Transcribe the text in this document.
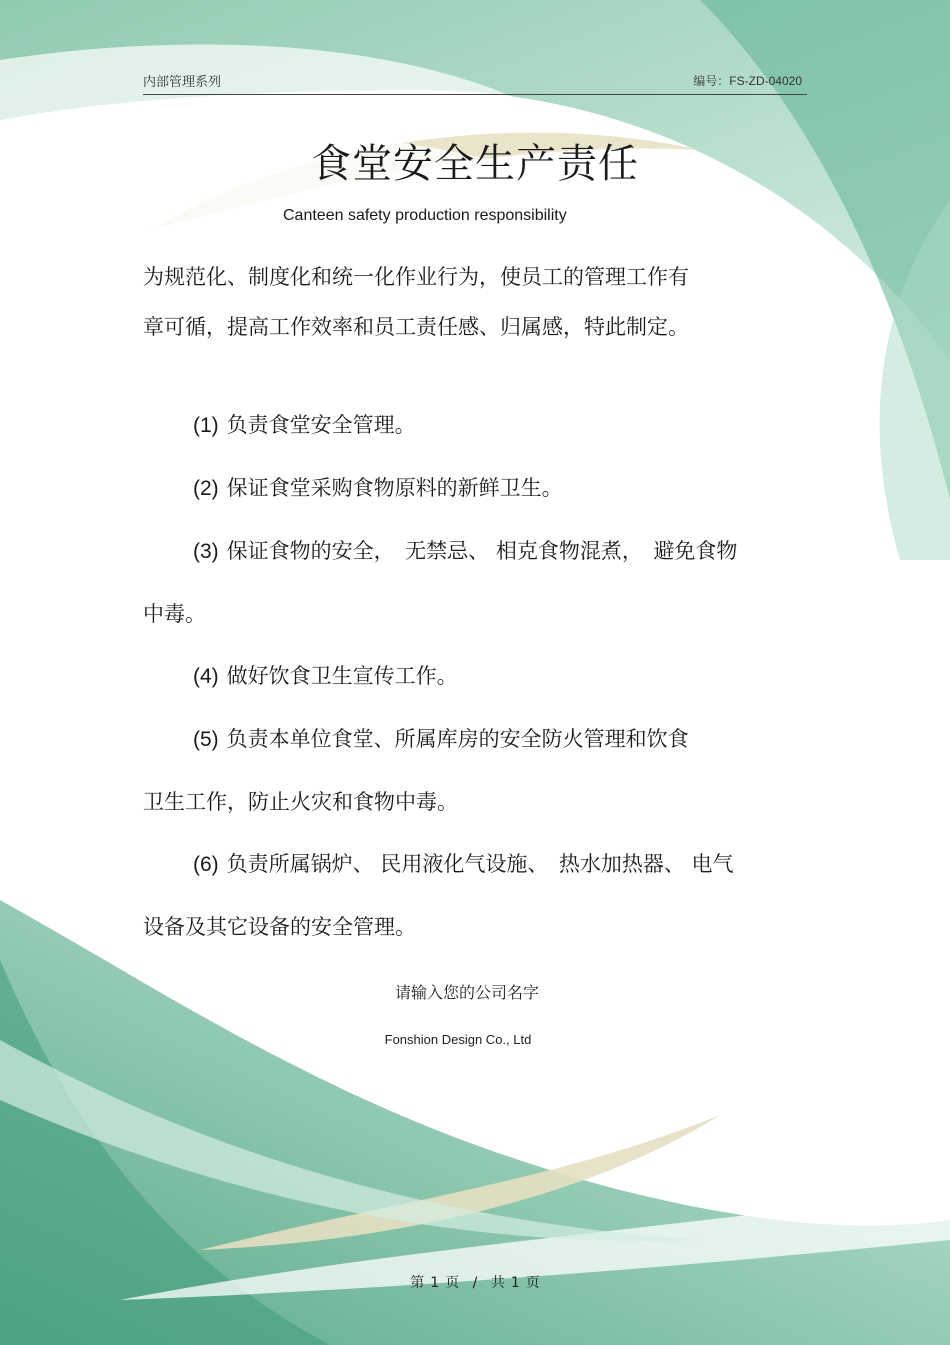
内部管理系列	编号：FS-ZD-04020
食堂安全生产责任
Canteen safety production responsibility
为规范化、制度化和统一化作业行为，使员工的管理工作有
章可循，提高工作效率和员工责任感、归属感，特此制定。
(1) 负责食堂安全管理。
(2) 保证食堂采购食物原料的新鲜卫生。
(3) 保证食物的安全，　无禁忌、 相克食物混煮，　避免食物
中毒。
(4) 做好饮食卫生宣传工作。
(5) 负责本单位食堂、所属库房的安全防火管理和饮食
卫生工作，防止火灾和食物中毒。
(6) 负责所属锅炉、 民用液化气设施、　热水加热器、 电气
设备及其它设备的安全管理。
请输入您的公司名字
Fonshion Design Co., Ltd
第 1 页 / 共 1 页
